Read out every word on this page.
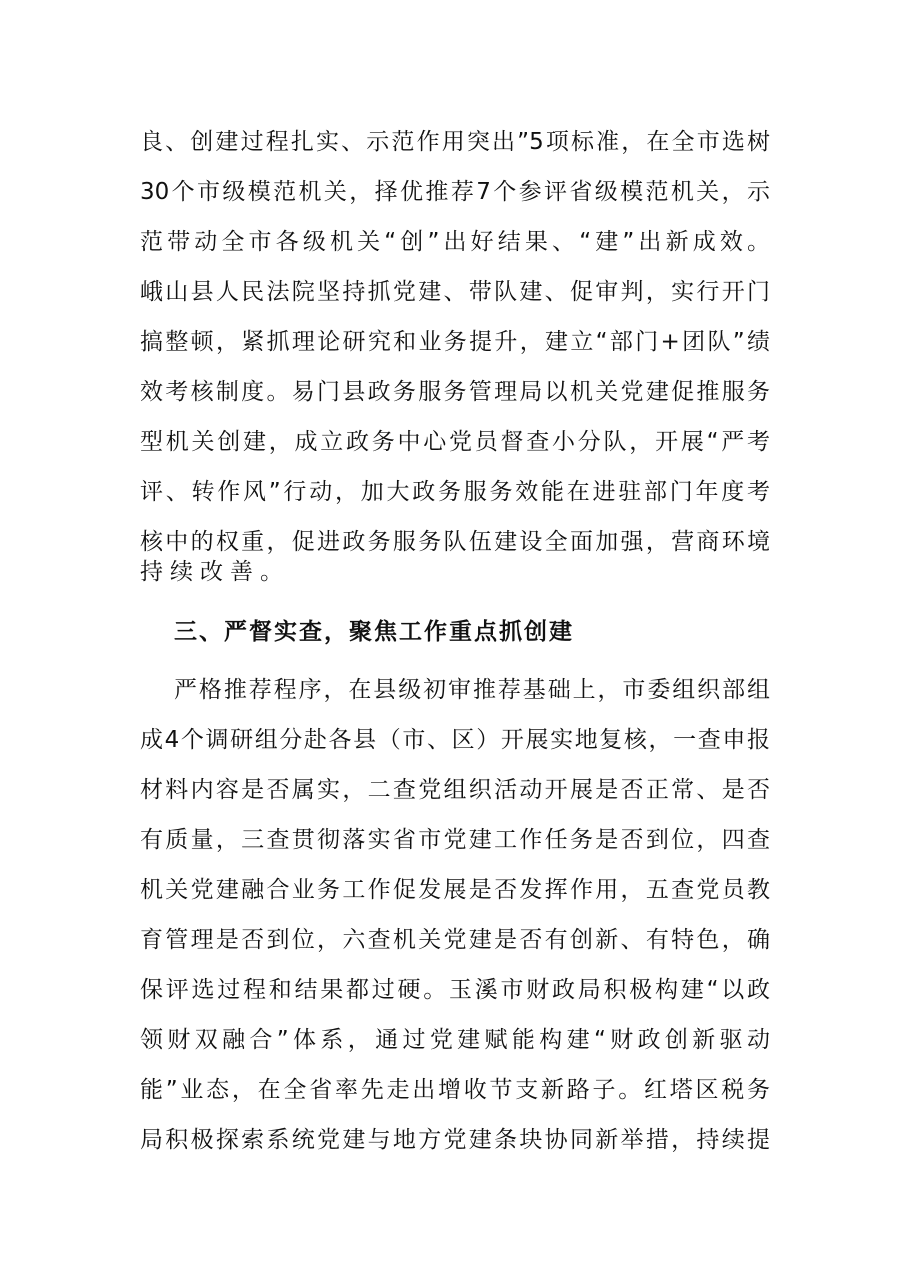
良、创建过程扎实、示范作用突出”5项标准，在全市选树
30个市级模范机关，择优推荐7个参评省级模范机关，示
范带动全市各级机关“创”出好结果、“建”出新成效。
峨山县人民法院坚持抓党建、带队建、促审判，实行开门
搞整顿，紧抓理论研究和业务提升，建立“部门+团队”绩
效考核制度。易门县政务服务管理局以机关党建促推服务
型机关创建，成立政务中心党员督查小分队，开展“严考
评、转作风”行动，加大政务服务效能在进驻部门年度考
核中的权重，促进政务服务队伍建设全面加强，营商环境
持续改善。
三、严督实查，聚焦工作重点抓创建
严格推荐程序，在县级初审推荐基础上，市委组织部组
成4个调研组分赴各县（市、区）开展实地复核，一查申报
材料内容是否属实，二查党组织活动开展是否正常、是否
有质量，三查贯彻落实省市党建工作任务是否到位，四查
机关党建融合业务工作促发展是否发挥作用，五查党员教
育管理是否到位，六查机关党建是否有创新、有特色，确
保评选过程和结果都过硬。玉溪市财政局积极构建“以政
领财双融合”体系，通过党建赋能构建“财政创新驱动
能”业态，在全省率先走出增收节支新路子。红塔区税务
局积极探索系统党建与地方党建条块协同新举措，持续提
